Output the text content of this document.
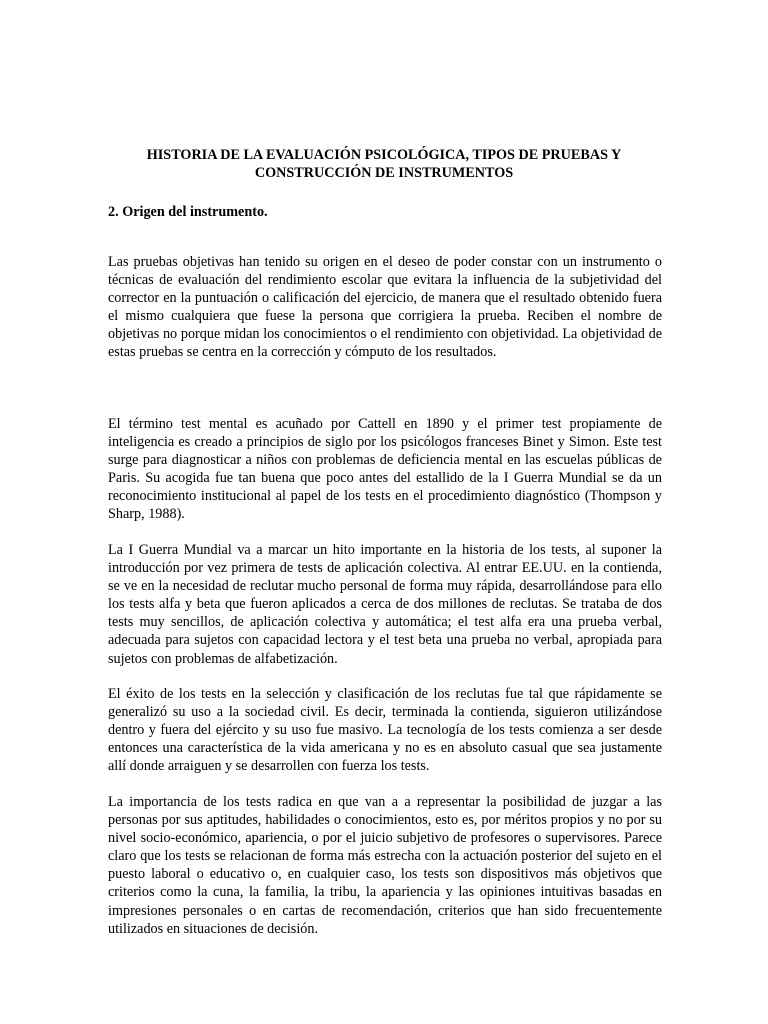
HISTORIA DE LA EVALUACIÓN PSICOLÓGICA, TIPOS DE PRUEBAS Y
CONSTRUCCIÓN DE INSTRUMENTOS
2. Origen del instrumento.

Las pruebas objetivas han tenido su origen en el deseo de poder constar con un instrumento o técnicas de evaluación del rendimiento escolar que evitara la influencia de la subjetividad del corrector en la puntuación o calificación del ejercicio, de manera que el resultado obtenido fuera el mismo cualquiera que fuese la persona que corrigiera la prueba. Reciben el nombre de objetivas no porque midan los conocimientos o el rendimiento con objetividad. La objetividad de estas pruebas se centra en la corrección y cómputo de los resultados.

El término test mental es acuñado por Cattell en 1890 y el primer test propiamente de inteligencia es creado a principios de siglo por los psicólogos franceses Binet y Simon. Este test surge para diagnosticar a niños con problemas de deficiencia mental en las escuelas públicas de Paris. Su acogida fue tan buena que poco antes del estallido de la I Guerra Mundial se da un reconocimiento institucional al papel de los tests en el procedimiento diagnóstico (Thompson y Sharp, 1988).

La I Guerra Mundial va a marcar un hito importante en la historia de los tests, al suponer la introducción por vez primera de tests de aplicación colectiva. Al entrar EE.UU. en la contienda, se ve en la necesidad de reclutar mucho personal de forma muy rápida, desarrollándose para ello los tests alfa y beta que fueron aplicados a cerca de dos millones de reclutas. Se trataba de dos tests muy sencillos, de aplicación colectiva y automática; el test alfa era una prueba verbal, adecuada para sujetos con capacidad lectora y el test beta una prueba no verbal, apropiada para sujetos con problemas de alfabetización.

El éxito de los tests en la selección y clasificación de los reclutas fue tal que rápidamente se generalizó su uso a la sociedad civil. Es decir, terminada la contienda, siguieron utilizándose dentro y fuera del ejército y su uso fue masivo. La tecnología de los tests comienza a ser desde entonces una característica de la vida americana y no es en absoluto casual que sea justamente allí donde arraiguen y se desarrollen con fuerza los tests.

La importancia de los tests radica en que van a a representar la posibilidad de juzgar a las personas por sus aptitudes, habilidades o conocimientos, esto es, por méritos propios y no por su nivel socio-económico, apariencia, o por el juicio subjetivo de profesores o supervisores. Parece claro que los tests se relacionan de forma más estrecha con la actuación posterior del sujeto en el puesto laboral o educativo o, en cualquier caso, los tests son dispositivos más objetivos que criterios como la cuna, la familia, la tribu, la apariencia y las opiniones intuitivas basadas en impresiones personales o en cartas de recomendación, criterios que han sido frecuentemente utilizados en situaciones de decisión.
